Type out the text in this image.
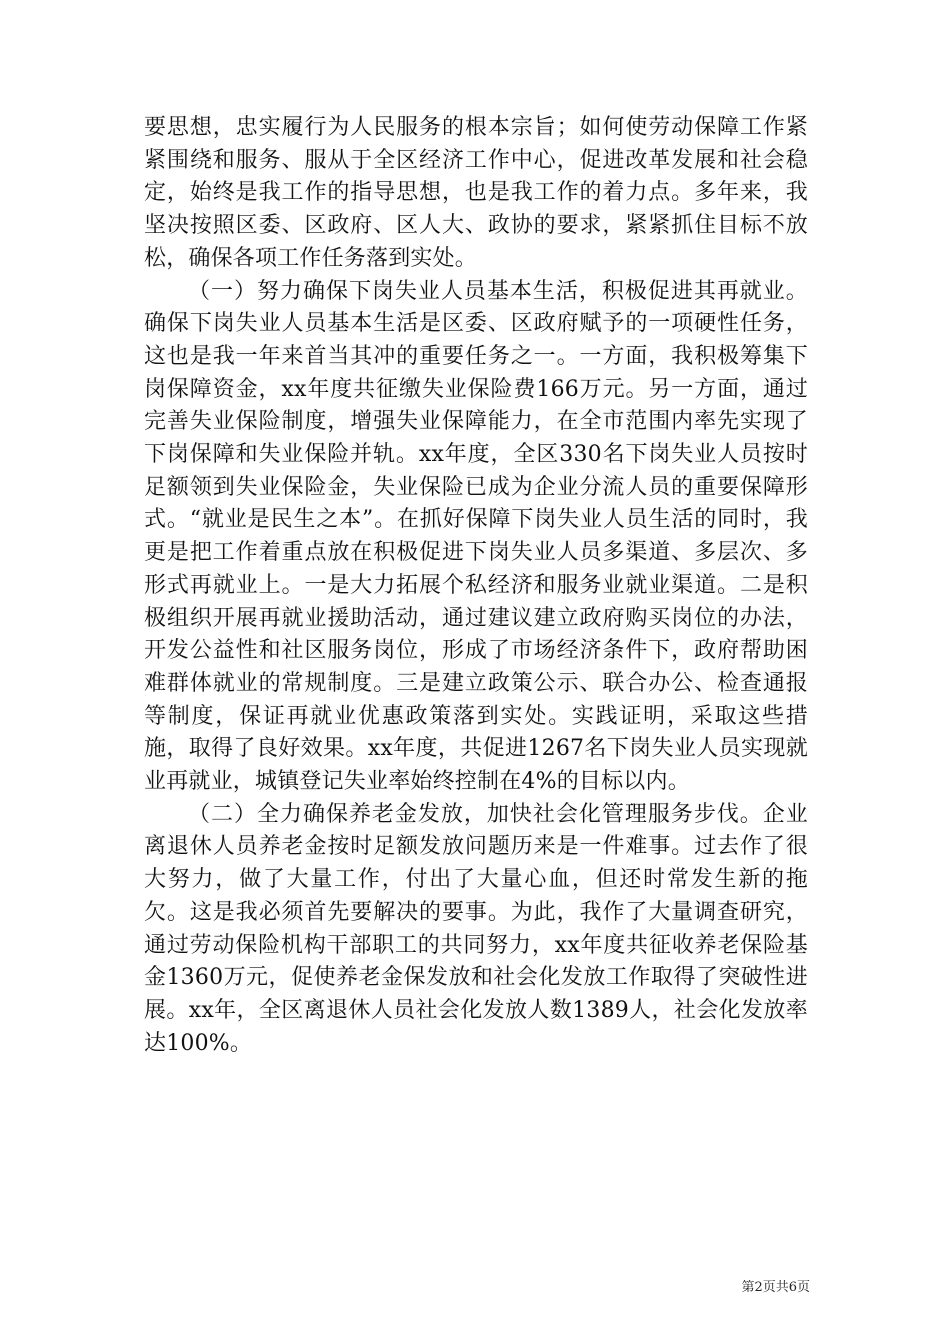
要思想，忠实履行为人民服务的根本宗旨；如何使劳动保障工作紧紧围绕和服务、服从于全区经济工作中心，促进改革发展和社会稳定，始终是我工作的指导思想，也是我工作的着力点。多年来，我坚决按照区委、区政府、区人大、政协的要求，紧紧抓住目标不放松，确保各项工作任务落到实处。

（一）努力确保下岗失业人员基本生活，积极促进其再就业。确保下岗失业人员基本生活是区委、区政府赋予的一项硬性任务，这也是我一年来首当其冲的重要任务之一。一方面，我积极筹集下岗保障资金，xx年度共征缴失业保险费166万元。另一方面，通过完善失业保险制度，增强失业保障能力，在全市范围内率先实现了下岗保障和失业保险并轨。xx年度，全区330名下岗失业人员按时足额领到失业保险金，失业保险已成为企业分流人员的重要保障形式。“就业是民生之本”。在抓好保障下岗失业人员生活的同时，我更是把工作着重点放在积极促进下岗失业人员多渠道、多层次、多形式再就业上。一是大力拓展个私经济和服务业就业渠道。二是积极组织开展再就业援助活动，通过建议建立政府购买岗位的办法，开发公益性和社区服务岗位，形成了市场经济条件下，政府帮助困难群体就业的常规制度。三是建立政策公示、联合办公、检查通报等制度，保证再就业优惠政策落到实处。实践证明，采取这些措施，取得了良好效果。xx年度，共促进1267名下岗失业人员实现就业再就业，城镇登记失业率始终控制在4%的目标以内。

（二）全力确保养老金发放，加快社会化管理服务步伐。企业离退休人员养老金按时足额发放问题历来是一件难事。过去作了很大努力，做了大量工作，付出了大量心血，但还时常发生新的拖欠。这是我必须首先要解决的要事。为此，我作了大量调查研究，通过劳动保险机构干部职工的共同努力，xx年度共征收养老保险基金1360万元，促使养老金保发放和社会化发放工作取得了突破性进展。xx年，全区离退休人员社会化发放人数1389人，社会化发放率达100%。

第2页共6页
